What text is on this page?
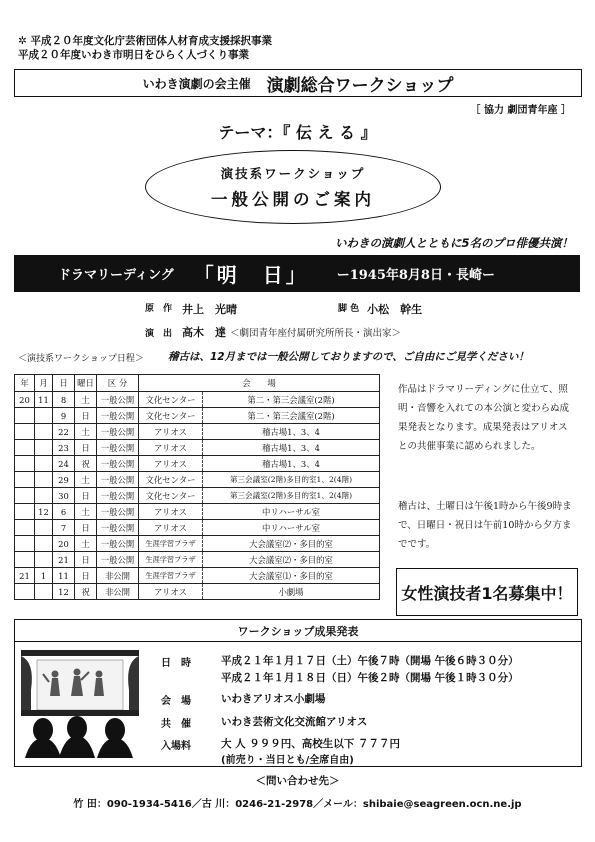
✲ 平成２０年度文化庁芸術団体人材育成支援採択事業
平成２０年度いわき市明日をひらく人づくり事業
いわき演劇の会主催 演劇総合ワークショップ
［ 協力 劇団青年座 ］
テーマ：『 伝 え る 』
演技系ワークショップ
一般公開のご案内
いわきの演劇人とともに5名のプロ俳優共演！
ドラマリーディング 「明　日」 ー1945年8月8日・長崎ー
原　作 井上　光晴	脚 色 小松　幹生
演　出 高木　達 ＜劇団青年座付属研究所所長・演出家＞
＜演技系ワークショップ日程＞ 稽古は、12月までは一般公開しておりますので、ご自由にご見学ください！
年	月	日	曜日	区 分	会　　場	
20	11	8	土	一般公開	文化センター	第二・第三会議室(2階)
		9	日	一般公開	文化センター	第二・第三会議室(2階)
		22	土	一般公開	アリオス	稽古場1、3、4
		23	日	一般公開	アリオス	稽古場1、3、4
		24	祝	一般公開	アリオス	稽古場1、3、4
		29	土	一般公開	文化センター	第三会議室(2階)多目的室1、2(4階)
		30	日	一般公開	文化センター	第三会議室(2階)多目的室1、2(4階)
	12	6	土	一般公開	アリオス	中リハーサル室
		7	日	一般公開	アリオス	中リハーサル室
		20	土	一般公開	生涯学習プラザ	大会議室⑵・多目的室
		21	日	一般公開	生涯学習プラザ	大会議室⑵・多目的室
21	1	11	日	非公開	生涯学習プラザ	大会議室⑴・多目的室
		12	祝	非公開	アリオス	小劇場
作品はドラマリーディングに仕立て、照明・音響を入れての本公演と変わらぬ成果発表となります。成果発表はアリオスとの共催事業に認められました。
稽古は、土曜日は午後1時から午後9時まで、日曜日・祝日は午前10時から夕方までです。
女性演技者1名募集中！
ワークショップ成果発表
日　時	平成２１年１月１７日（土）午後７時（開場 午後６時３０分）
平成２１年１月１８日（日）午後２時（開場 午後１時３０分）
会　場	いわきアリオス小劇場
共　催	いわき芸術文化交流館アリオス
入場料	大 人 ９９９円、高校生以下 ７７７円
(前売り・当日とも/全席自由)
＜問い合わせ先＞
竹 田：090-1934-5416／古 川：0246-21-2978／メール：shibaie@seagreen.ocn.ne.jp
